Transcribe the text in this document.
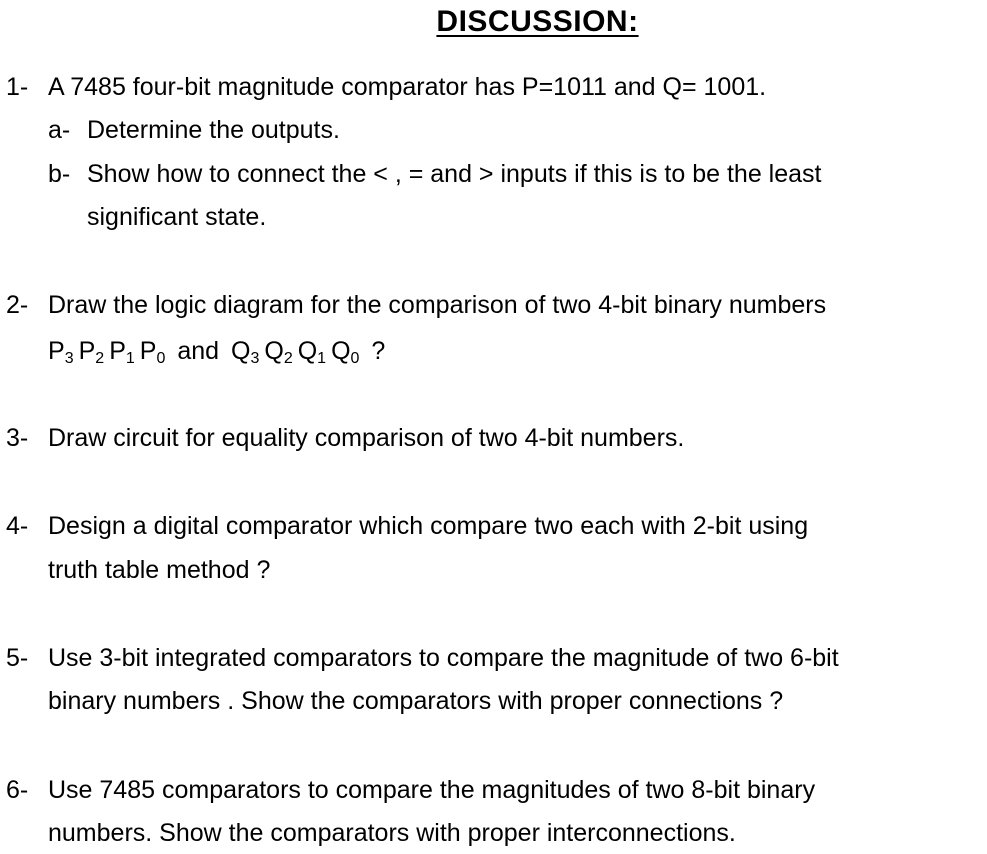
DISCUSSION:
1- A 7485 four-bit magnitude comparator has P=1011 and Q= 1001.
a- Determine the outputs.
b- Show how to connect the < , = and > inputs if this is to be the least
significant state.
2- Draw the logic diagram for the comparison of two 4-bit binary numbers
$P_3$ $P_2$ $P_1$ $P_0$ and $Q_3$ $Q_2$ $Q_1$ $Q_0$ ?
3- Draw circuit for equality comparison of two 4-bit numbers.
4- Design a digital comparator which compare two each with 2-bit using
truth table method ?
5- Use 3-bit integrated comparators to compare the magnitude of two 6-bit
binary numbers . Show the comparators with proper connections ?
6- Use 7485 comparators to compare the magnitudes of two 8-bit binary
numbers. Show the comparators with proper interconnections.
